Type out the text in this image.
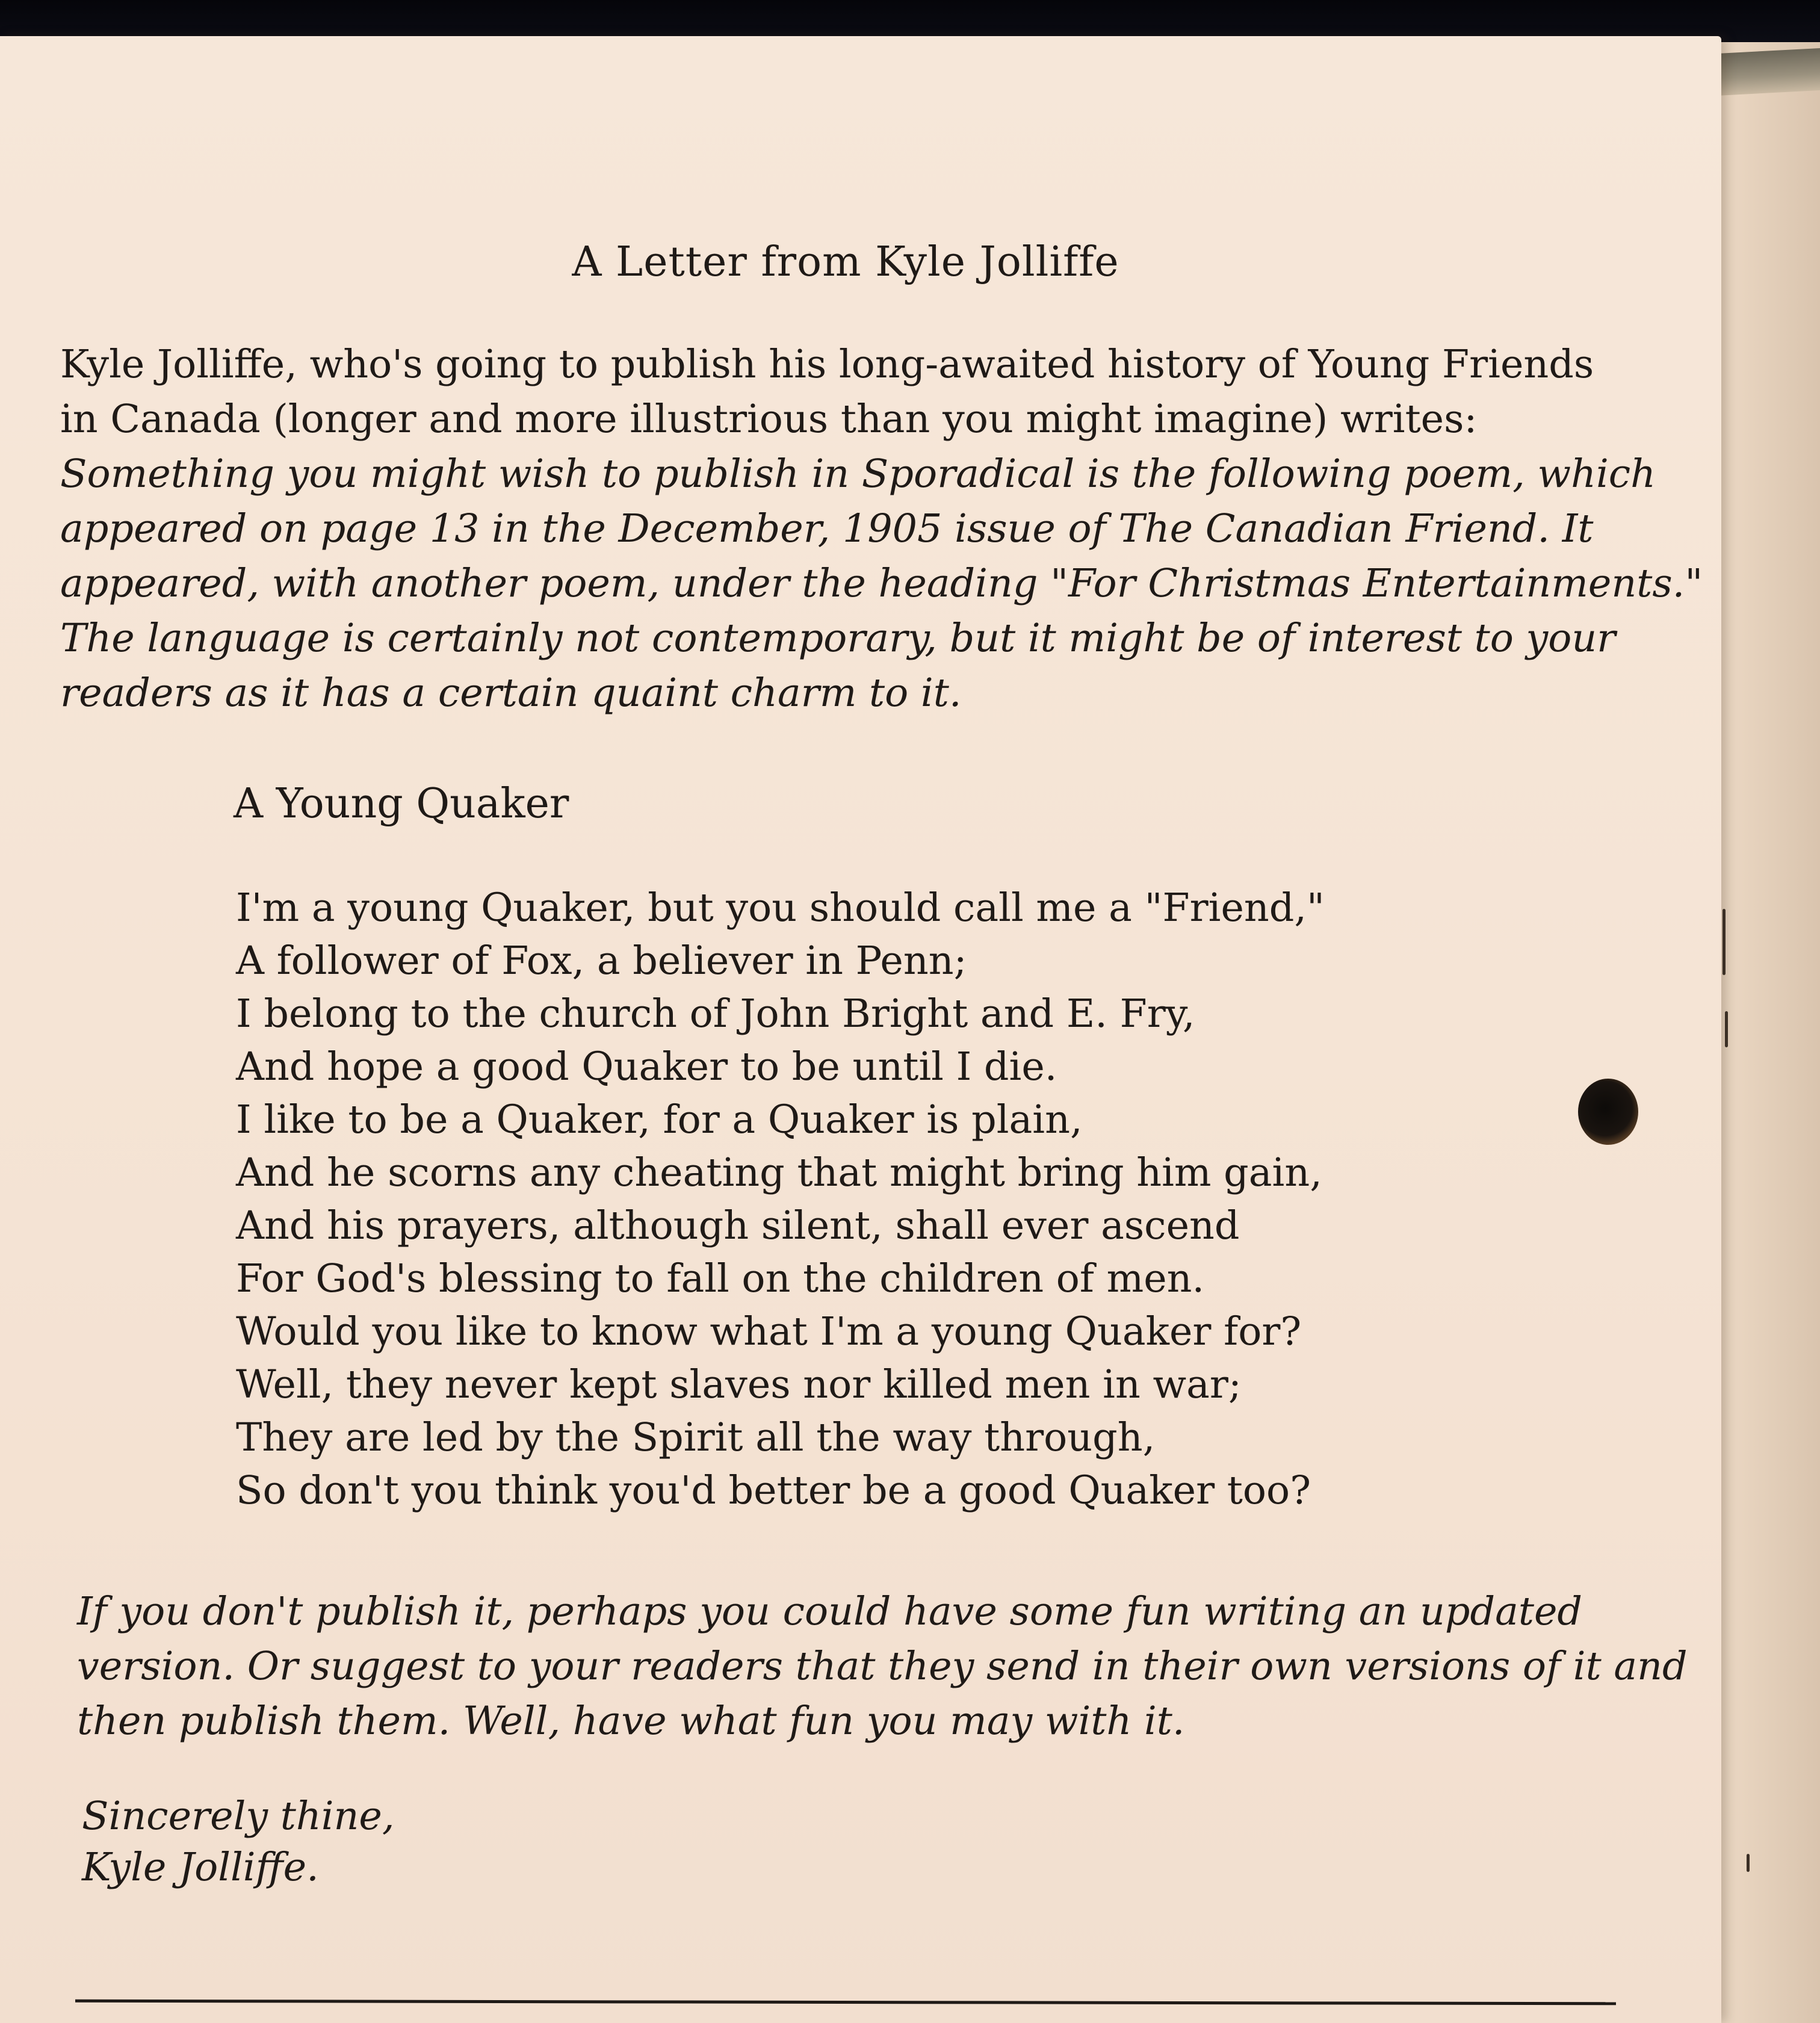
A Letter from Kyle Jolliffe
Kyle Jolliffe, who's going to publish his long-awaited history of Young Friends
in Canada (longer and more illustrious than you might imagine) writes:
Something you might wish to publish in Sporadical is the following poem, which
appeared on page 13 in the December, 1905 issue of The Canadian Friend. It
appeared, with another poem, under the heading "For Christmas Entertainments."
The language is certainly not contemporary, but it might be of interest to your
readers as it has a certain quaint charm to it.
A Young Quaker
I'm a young Quaker, but you should call me a "Friend,"
A follower of Fox, a believer in Penn;
I belong to the church of John Bright and E. Fry,
And hope a good Quaker to be until I die.
I like to be a Quaker, for a Quaker is plain,
And he scorns any cheating that might bring him gain,
And his prayers, although silent, shall ever ascend
For God's blessing to fall on the children of men.
Would you like to know what I'm a young Quaker for?
Well, they never kept slaves nor killed men in war;
They are led by the Spirit all the way through,
So don't you think you'd better be a good Quaker too?
If you don't publish it, perhaps you could have some fun writing an updated
version. Or suggest to your readers that they send in their own versions of it and
then publish them. Well, have what fun you may with it.
Sincerely thine,
Kyle Jolliffe.
